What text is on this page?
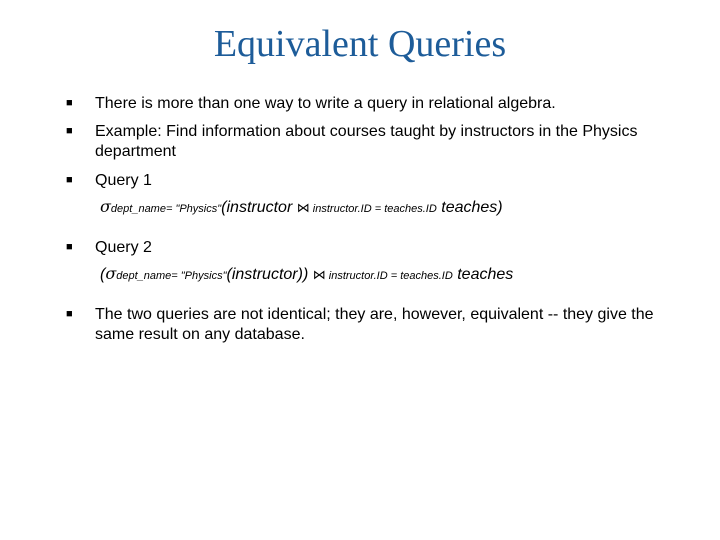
Equivalent Queries
■ There is more than one way to write a query in relational algebra.
■ Example: Find information about courses taught by instructors in the Physics department
■ Query 1
σdept_name= "Physics"(instructor ⋈ instructor.ID = teaches.ID teaches)
■ Query 2
(σdept_name= "Physics"(instructor)) ⋈ instructor.ID = teaches.ID teaches
■ The two queries are not identical; they are, however, equivalent -- they give the same result on any database.
